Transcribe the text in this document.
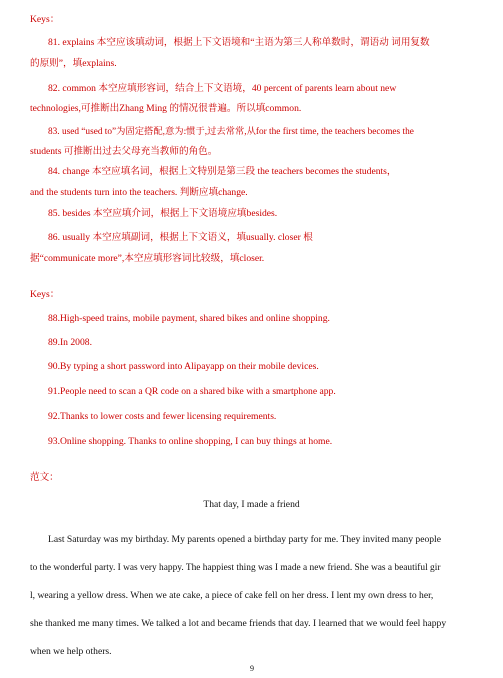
Keys：
81. explains 本空应该填动词，根据上下文语境和“主语为第三人称单数时，谓语动 词用复数
的原则”，填explains.
82. common 本空应填形容词，结合上下文语境，40 percent of parents learn about new
technologies,可推断出Zhang Ming 的情况很普遍。所以填common.
83. used “used to”为固定搭配,意为:惯于,过去常常,从for the first time, the teachers becomes the
students 可推断出过去父母充当教师的角色。
84. change 本空应填名词，根据上文特别是第三段 the teachers becomes the students，
and the students turn into the teachers. 判断应填change.
85. besides 本空应填介词，根据上下文语境应填besides.
86. usually 本空应填副词，根据上下文语义，填usually. closer 根
据“communicate more”,本空应填形容词比较级，填closer.
Keys：
88.High-speed trains, mobile payment, shared bikes and online shopping.
89.In 2008.
90.By typing a short password into Alipayapp on their mobile devices.
91.People need to scan a QR code on a shared bike with a smartphone app.
92.Thanks to lower costs and fewer licensing requirements.
93.Online shopping. Thanks to online shopping, I can buy things at home.
范文：
That day, I made a friend
Last Saturday was my birthday. My parents opened a birthday party for me. They invited many people
to the wonderful party. I was very happy. The happiest thing was I made a new friend. She was a beautiful gir
l, wearing a yellow dress. When we ate cake, a piece of cake fell on her dress. I lent my own dress to her,
she thanked me many times. We talked a lot and became friends that day. I learned that we would feel happy
when we help others.
9
